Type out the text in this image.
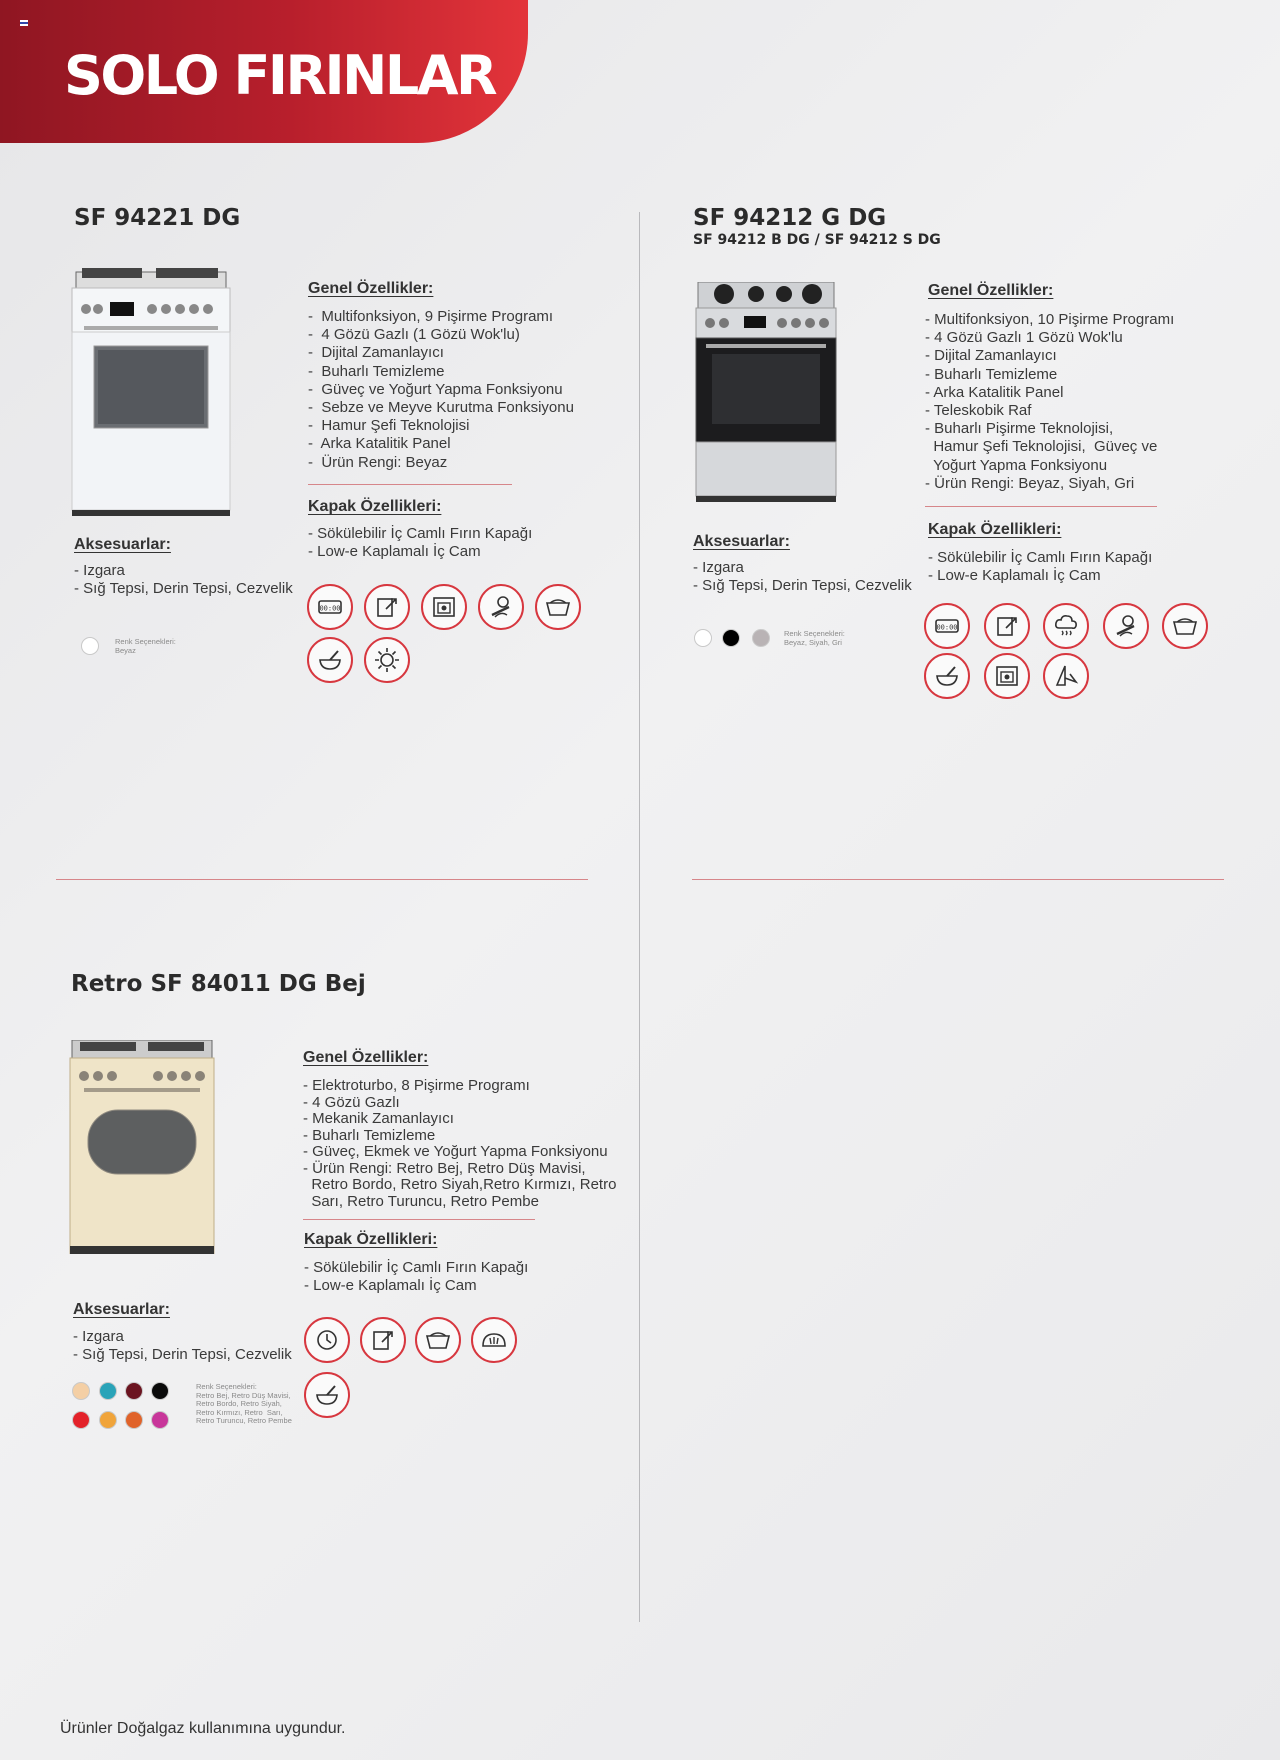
SOLO FIRINLAR
SF 94221 DG
Genel Özellikler:
-  Multifonksiyon, 9 Pişirme Programı
-  4 Gözü Gazlı (1 Gözü Wok'lu)
-  Dijital Zamanlayıcı
-  Buharlı Temizleme
-  Güveç ve Yoğurt Yapma Fonksiyonu
-  Sebze ve Meyve Kurutma Fonksiyonu
-  Hamur Şefi Teknolojisi
-  Arka Katalitik Panel
-  Ürün Rengi: Beyaz
Kapak Özellikleri:
- Sökülebilir İç Camlı Fırın Kapağı
- Low-e Kaplamalı İç Cam
Aksesuarlar:
- Izgara
- Sığ Tepsi, Derin Tepsi, Cezvelik
Renk Seçenekleri:
Beyaz
00:00
SF 94212 G DG
SF 94212 B DG / SF 94212 S DG
Genel Özellikler:
- Multifonksiyon, 10 Pişirme Programı
- 4 Gözü Gazlı 1 Gözü Wok'lu
- Dijital Zamanlayıcı
- Buharlı Temizleme
- Arka Katalitik Panel
- Teleskobik Raf
- Buharlı Pişirme Teknolojisi,
Hamur Şefi Teknolojisi,  Güveç ve
Yoğurt Yapma Fonksiyonu
- Ürün Rengi: Beyaz, Siyah, Gri
Kapak Özellikleri:
- Sökülebilir İç Camlı Fırın Kapağı
- Low-e Kaplamalı İç Cam
Aksesuarlar:
- Izgara
- Sığ Tepsi, Derin Tepsi, Cezvelik
Renk Seçenekleri:
Beyaz, Siyah, Gri
00:00
Retro SF 84011 DG Bej
Genel Özellikler:
- Elektroturbo, 8 Pişirme Programı
- 4 Gözü Gazlı
- Mekanik Zamanlayıcı
- Buharlı Temizleme
- Güveç, Ekmek ve Yoğurt Yapma Fonksiyonu
- Ürün Rengi: Retro Bej, Retro Düş Mavisi,
Retro Bordo, Retro Siyah,Retro Kırmızı, Retro
Sarı, Retro Turuncu, Retro Pembe
Kapak Özellikleri:
- Sökülebilir İç Camlı Fırın Kapağı
- Low-e Kaplamalı İç Cam
Aksesuarlar:
- Izgara
- Sığ Tepsi, Derin Tepsi, Cezvelik
Renk Seçenekleri:
Retro Bej, Retro Düş Mavisi,
Retro Bordo, Retro Siyah,
Retro Kırmızı, Retro  Sarı,
Retro Turuncu, Retro Pembe
Ürünler Doğalgaz kullanımına uygundur.
